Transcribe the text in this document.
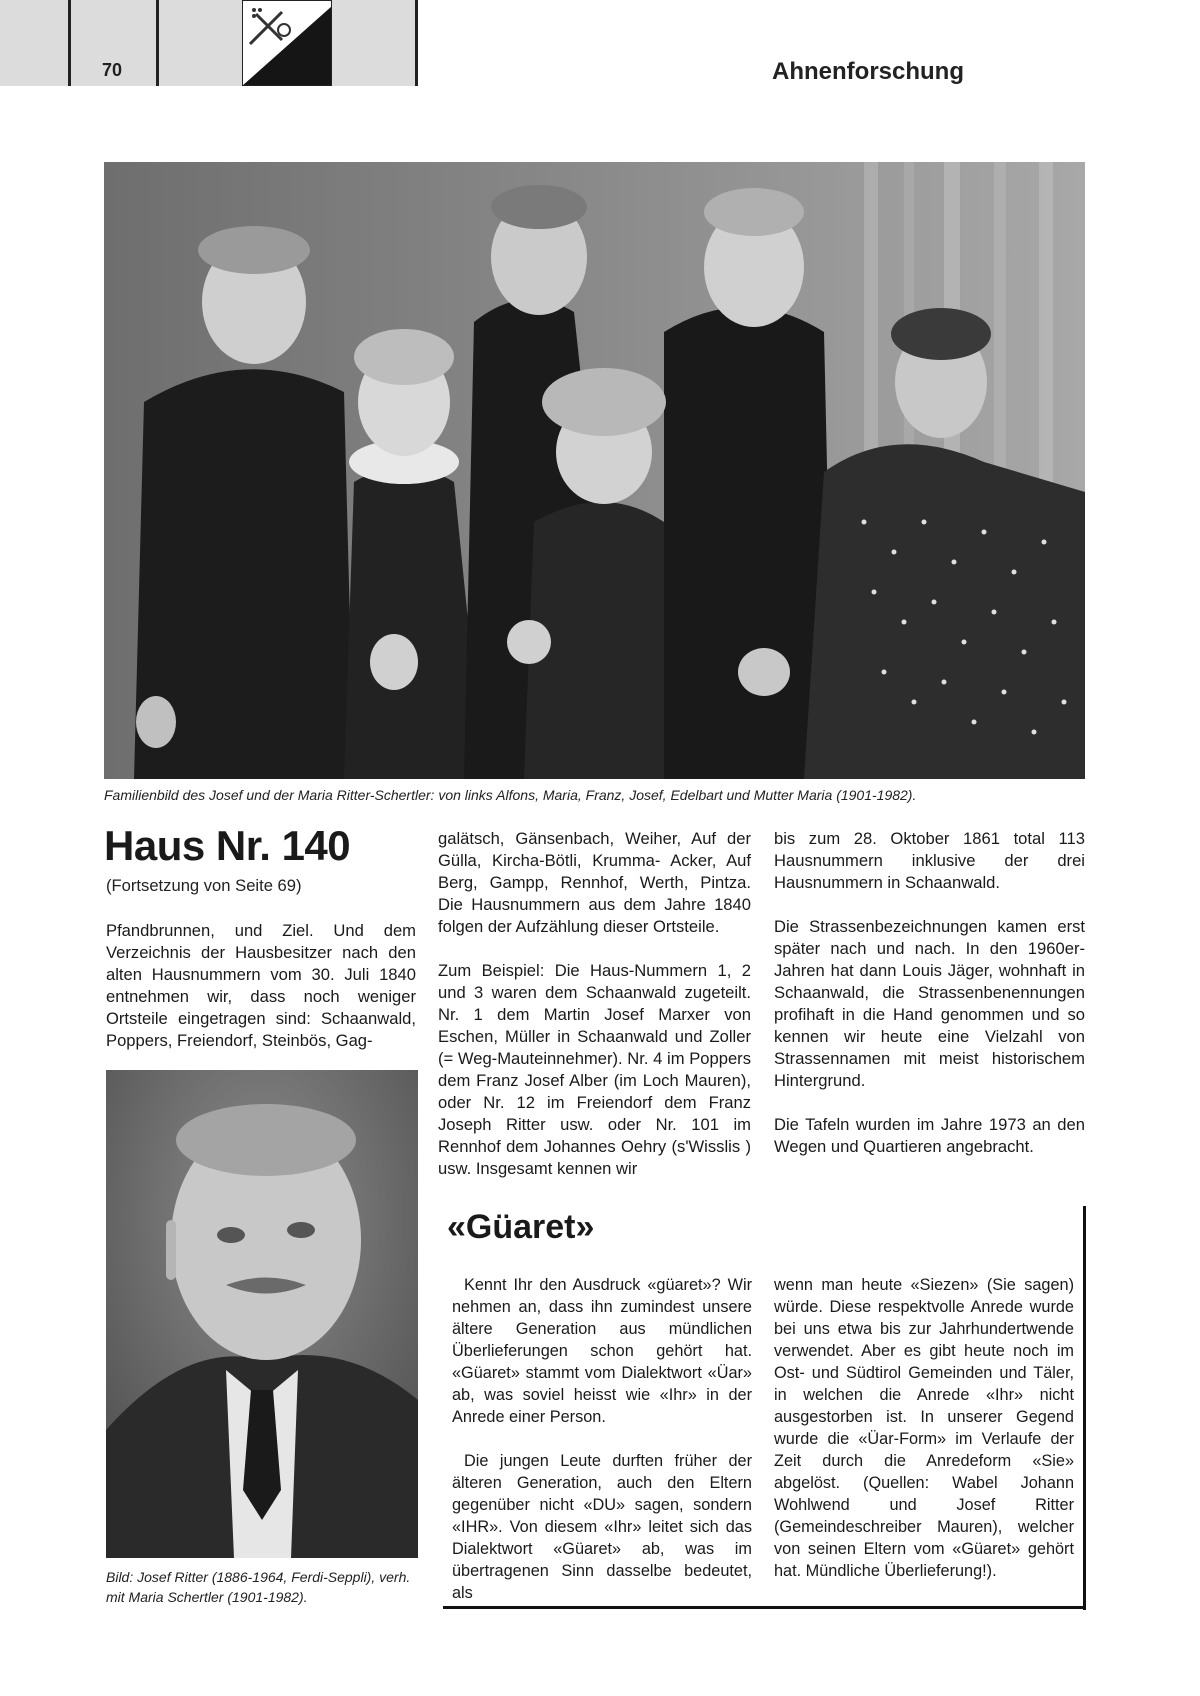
70	Ahnenforschung
Familienbild des Josef und der Maria Ritter-Schertler: von links Alfons, Maria, Franz, Josef, Edelbart und Mutter Maria (1901-1982).
Haus Nr. 140
(Fortsetzung von Seite 69)

Pfandbrunnen, und Ziel. Und dem Verzeichnis der Hausbesitzer nach den alten Hausnummern vom 30. Juli 1840 entnehmen wir, dass noch weniger Ortsteile eingetragen sind: Schaanwald, Poppers, Freiendorf, Steinbös, Gag-

galätsch, Gänsenbach, Weiher, Auf der Gülla, Kircha-Bötli, Krumma- Acker, Auf Berg, Gampp, Rennhof, Werth, Pintza. Die Hausnummern aus dem Jahre 1840 folgen der Aufzählung dieser Ortsteile.

Zum Beispiel: Die Haus-Nummern 1, 2 und 3 waren dem Schaanwald zugeteilt. Nr. 1 dem Martin Josef Marxer von Eschen, Müller in Schaanwald und Zoller (= Weg-Mauteinnehmer). Nr. 4 im Poppers dem Franz Josef Alber (im Loch Mauren), oder Nr. 12 im Freiendorf dem Franz Joseph Ritter usw. oder Nr. 101 im Rennhof dem Johannes Oehry (s'Wisslis ) usw. Insgesamt kennen wir

bis zum 28. Oktober 1861 total 113 Hausnummern inklusive der drei Hausnummern in Schaanwald.

Die Strassenbezeichnungen kamen erst später nach und nach. In den 1960er-Jahren hat dann Louis Jäger, wohnhaft in Schaanwald, die Strassenbenennungen profihaft in die Hand genommen und so kennen wir heute eine Vielzahl von Strassennamen mit meist historischem Hintergrund.

Die Tafeln wurden im Jahre 1973 an den Wegen und Quartieren angebracht.

Bild: Josef Ritter (1886-1964, Ferdi-Seppli), verh. mit Maria Schertler (1901-1982).
«Güaret»

Kennt Ihr den Ausdruck «güaret»? Wir nehmen an, dass ihn zumindest unsere ältere Generation aus mündlichen Überlieferungen schon gehört hat. «Güaret» stammt vom Dialektwort «Üar» ab, was soviel heisst wie «Ihr» in der Anrede einer Person.

Die jungen Leute durften früher der älteren Generation, auch den Eltern gegenüber nicht «DU» sagen, sondern «IHR». Von diesem «Ihr» leitet sich das Dialektwort «Güaret» ab, was im übertragenen Sinn dasselbe bedeutet, als

wenn man heute «Siezen» (Sie sagen) würde. Diese respektvolle Anrede wurde bei uns etwa bis zur Jahrhundertwende verwendet. Aber es gibt heute noch im Ost- und Südtirol Gemeinden und Täler, in welchen die Anrede «Ihr» nicht ausgestorben ist. In unserer Gegend wurde die «Üar-Form» im Verlaufe der Zeit durch die Anredeform «Sie» abgelöst. (Quellen: Wabel Johann Wohlwend und Josef Ritter (Gemeindeschreiber Mauren), welcher von seinen Eltern vom «Güaret» gehört hat. Mündliche Überlieferung!).
